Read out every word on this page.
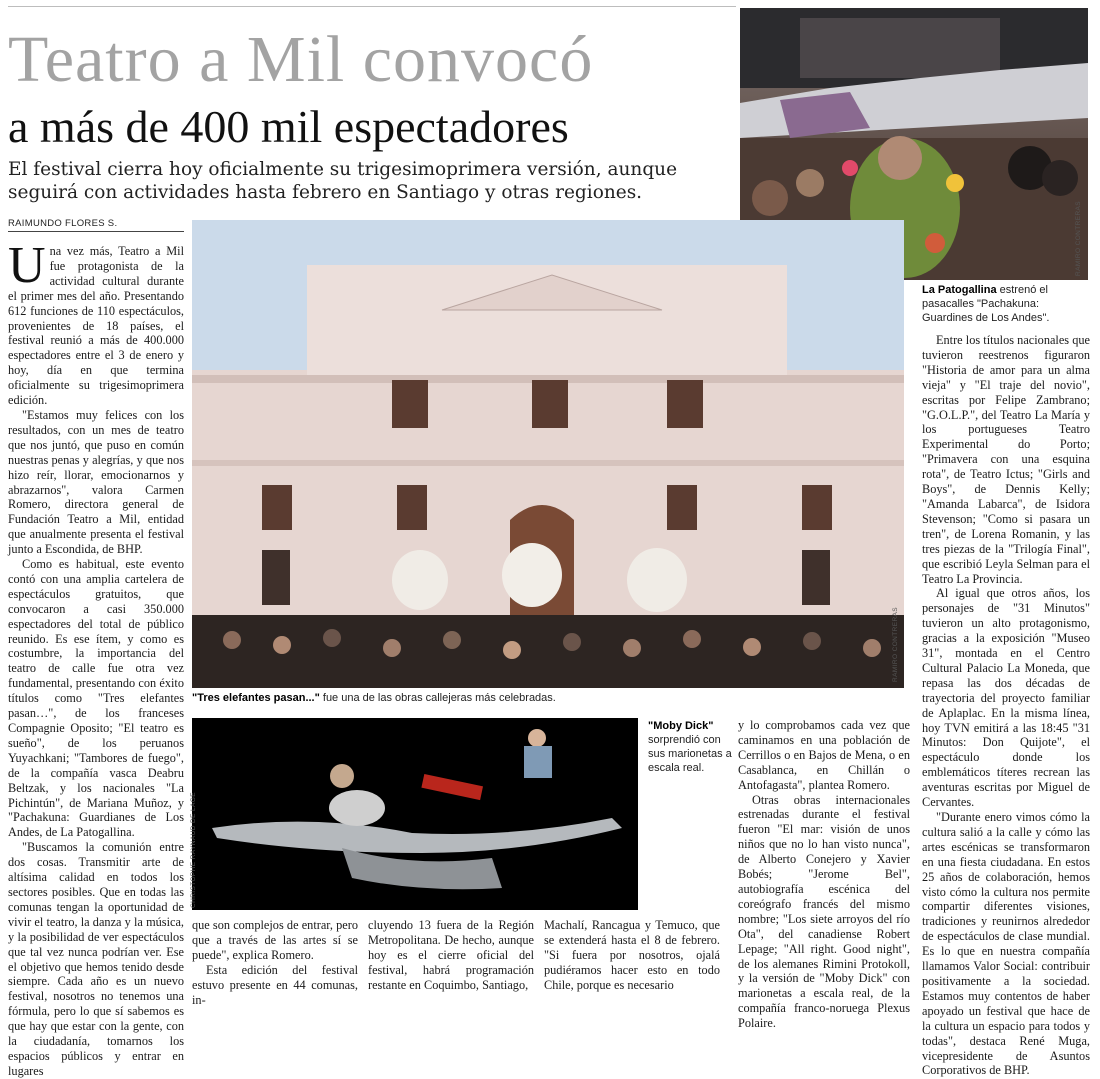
Teatro a Mil convocó
a más de 400 mil espectadores
El festival cierra hoy oficialmente su trigesimoprimera versión, aunque seguirá con actividades hasta febrero en Santiago y otras regiones.
RAIMUNDO FLORES S.	RAMIRO CONTRERAS
La Patogallina estrenó el pasacalles "Pachakuna: Guardines de Los Andes".
RAMIRO CONTRERAS
"Tres elefantes pasan..." fue una de las obras callejeras más celebradas.
CHRISTOPHE RAYNAUD DE LAGE
"Moby Dick" sorprendió con sus marionetas a escala real.

Una vez más, Teatro a Mil fue protagonista de la actividad cultural durante el primer mes del año. Presentando 612 funciones de 110 espectáculos, provenientes de 18 países, el festival reunió a más de 400.000 espectadores entre el 3 de enero y hoy, día en que termina oficialmente su trigesimoprimera edición.

"Estamos muy felices con los resultados, con un mes de teatro que nos juntó, que puso en común nuestras penas y alegrías, y que nos hizo reír, llorar, emocionarnos y abrazarnos", valora Carmen Romero, directora general de Fundación Teatro a Mil, entidad que anualmente presenta el festival junto a Escondida, de BHP.

Como es habitual, este evento contó con una amplia cartelera de espectáculos gratuitos, que convocaron a casi 350.000 espectadores del total de público reunido. Es ese ítem, y como es costumbre, la importancia del teatro de calle fue otra vez fundamental, presentando con éxito títulos como "Tres elefantes pasan…", de los franceses Compagnie Oposito; "El teatro es sueño", de los peruanos Yuyachkani; "Tambores de fuego", de la compañía vasca Deabru Beltzak, y los nacionales "La Pichintún", de Mariana Muñoz, y "Pachakuna: Guardianes de Los Andes, de La Patogallina.

"Buscamos la comunión entre dos cosas. Transmitir arte de altísima calidad en todos los sectores posibles. Que en todas las comunas tengan la oportunidad de vivir el teatro, la danza y la música, y la posibilidad de ver espectáculos que tal vez nunca podrían ver. Ese el objetivo que hemos tenido desde siempre. Cada año es un nuevo festival, nosotros no tenemos una fórmula, pero lo que sí sabemos es que hay que estar con la gente, con la ciudadanía, tomarnos los espacios públicos y entrar en lugares

que son complejos de entrar, pero que a través de las artes sí se puede", explica Romero.

Esta edición del festival estuvo presente en 44 comunas, in-

cluyendo 13 fuera de la Región Metropolitana. De hecho, aunque hoy es el cierre oficial del festival, habrá programación restante en Coquimbo, Santiago,

Machalí, Rancagua y Temuco, que se extenderá hasta el 8 de febrero. "Si fuera por nosotros, ojalá pudiéramos hacer esto en todo Chile, porque es necesario

y lo comprobamos cada vez que caminamos en una población de Cerrillos o en Bajos de Mena, o en Casablanca, en Chillán o Antofagasta", plantea Romero.

Otras obras internacionales estrenadas durante el festival fueron "El mar: visión de unos niños que no lo han visto nunca", de Alberto Conejero y Xavier Bobés; "Jerome Bel", autobiografía escénica del coreógrafo francés del mismo nombre; "Los siete arroyos del río Ota", del canadiense Robert Lepage; "All right. Good night", de los alemanes Rimini Protokoll, y la versión de "Moby Dick" con marionetas a escala real, de la compañía franco-noruega Plexus Polaire.

Entre los títulos nacionales que tuvieron reestrenos figuraron "Historia de amor para un alma vieja" y "El traje del novio", escritas por Felipe Zambrano; "G.O.L.P.", del Teatro La María y los portugueses Teatro Experimental do Porto; "Primavera con una esquina rota", de Teatro Ictus; "Girls and Boys", de Dennis Kelly; "Amanda Labarca", de Isidora Stevenson; "Como si pasara un tren", de Lorena Romanin, y las tres piezas de la "Trilogía Final", que escribió Leyla Selman para el Teatro La Provincia.

Al igual que otros años, los personajes de "31 Minutos" tuvieron un alto protagonismo, gracias a la exposición "Museo 31", montada en el Centro Cultural Palacio La Moneda, que repasa las dos décadas de trayectoria del proyecto familiar de Aplaplac. En la misma línea, hoy TVN emitirá a las 18:45 "31 Minutos: Don Quijote", el espectáculo donde los emblemáticos títeres recrean las aventuras escritas por Miguel de Cervantes.

"Durante enero vimos cómo la cultura salió a la calle y cómo las artes escénicas se transformaron en una fiesta ciudadana. En estos 25 años de colaboración, hemos visto cómo la cultura nos permite compartir diferentes visiones, tradiciones y reunirnos alrededor de espectáculos de clase mundial. Es lo que en nuestra compañía llamamos Valor Social: contribuir positivamente a la sociedad. Estamos muy contentos de haber apoyado un festival que hace de la cultura un espacio para todos y todas", destaca René Muga, vicepresidente de Asuntos Corporativos de BHP.
